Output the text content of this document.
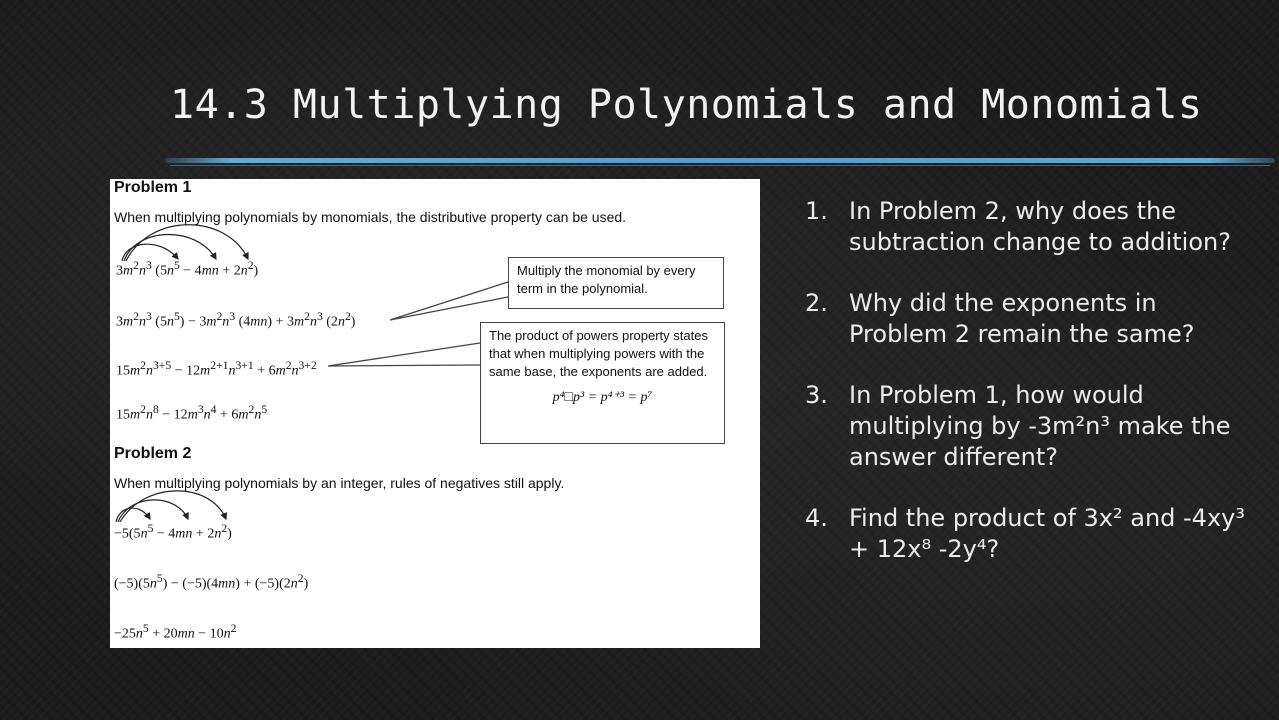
14.3 Multiplying Polynomials and Monomials
Problem 1
When multiplying polynomials by monomials, the distributive property can be used.
$3m^2n^3$ $(5n^5 - 4mn + 2n^2)$
$3m^2n^3$ $(5n^5) - 3m^2n^3$ $(4mn) + 3m^2n^3$ $(2n^2)$
$15m^2n^{3+5} - 12m^{2+1}n^{3+1} + 6m^2n^{3+2}$
$15m^2n^8 - 12m^3n^4 + 6m^2n^5$
Multiply the monomial by every term in the polynomial.
The product of powers property states that when multiplying powers with the same base, the exponents are added.
p⁴□p³ = p⁴⁺³ = p⁷
Problem 2
When multiplying polynomials by an integer, rules of negatives still apply.
$-5(5n^5 - 4mn + 2n^2)$
$(-5)(5n^5) - (-5)(4mn) + (-5)(2n^2)$
$-25n^5 + 20mn - 10n^2$
1. In Problem 2, why does the subtraction change to addition?
2. Why did the exponents in Problem 2 remain the same?
3. In Problem 1, how would multiplying by -3m²n³ make the answer different?
4. Find the product of 3x² and -4xy³ + 12x⁸ -2y⁴?
